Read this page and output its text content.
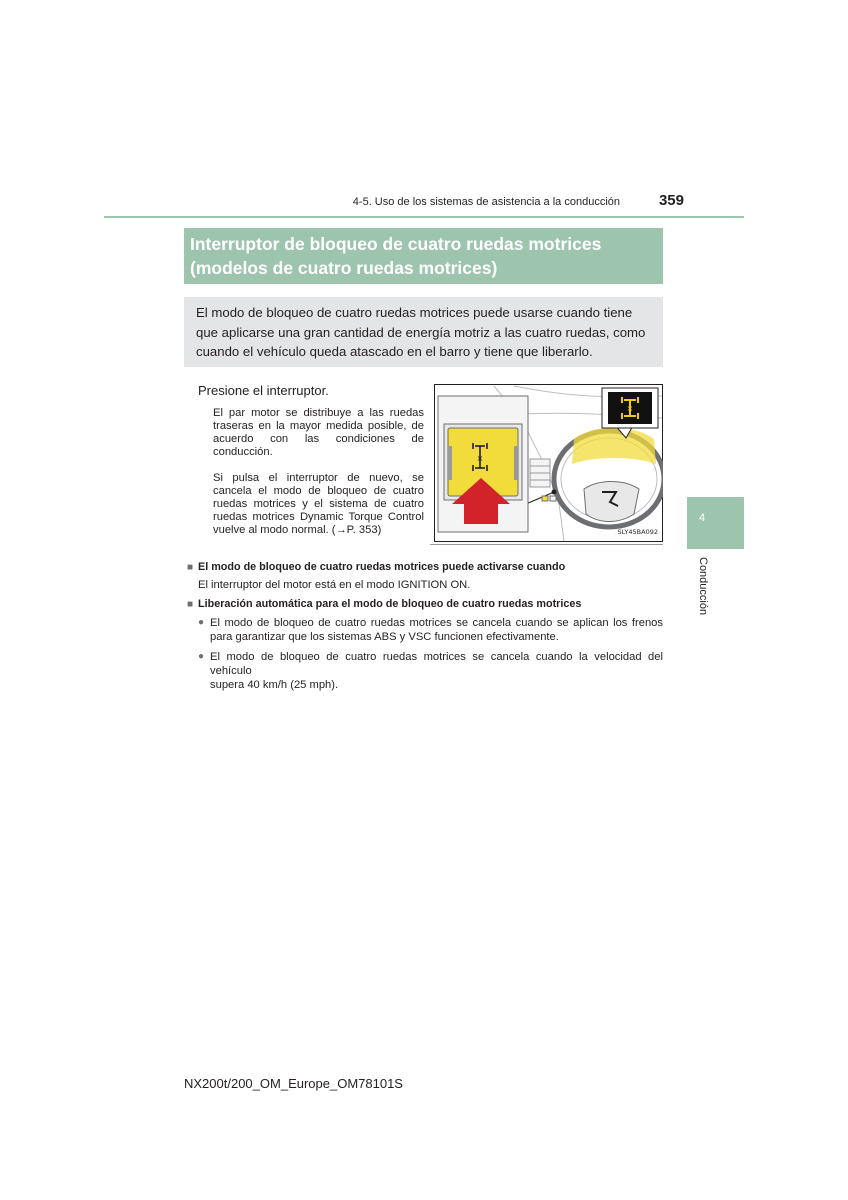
4-5. Uso de los sistemas de asistencia a la conducción	359
Interruptor de bloqueo de cuatro ruedas motrices
(modelos de cuatro ruedas motrices)
El modo de bloqueo de cuatro ruedas motrices puede usarse cuando tiene
que aplicarse una gran cantidad de energía motriz a las cuatro ruedas, como
cuando el vehículo queda atascado en el barro y tiene que liberarlo.
Presione el interruptor.
El par motor se distribuye a las ruedas
traseras en la mayor medida posible, de
acuerdo con las condiciones de
conducción.
Si pulsa el interruptor de nuevo, se
cancela el modo de bloqueo de cuatro
ruedas motrices y el sistema de cuatro
ruedas motrices Dynamic Torque Control
vuelve al modo normal. (→P. 353)
×
×
SLY45BA092
■ El modo de bloqueo de cuatro ruedas motrices puede activarse cuando
El interruptor del motor está en el modo IGNITION ON.
■ Liberación automática para el modo de bloqueo de cuatro ruedas motrices
● El modo de bloqueo de cuatro ruedas motrices se cancela cuando se aplican los frenos
para garantizar que los sistemas ABS y VSC funcionen efectivamente.
● El modo de bloqueo de cuatro ruedas motrices se cancela cuando la velocidad del vehículo
supera 40 km/h (25 mph).
4
Conducción
NX200t/200_OM_Europe_OM78101S
